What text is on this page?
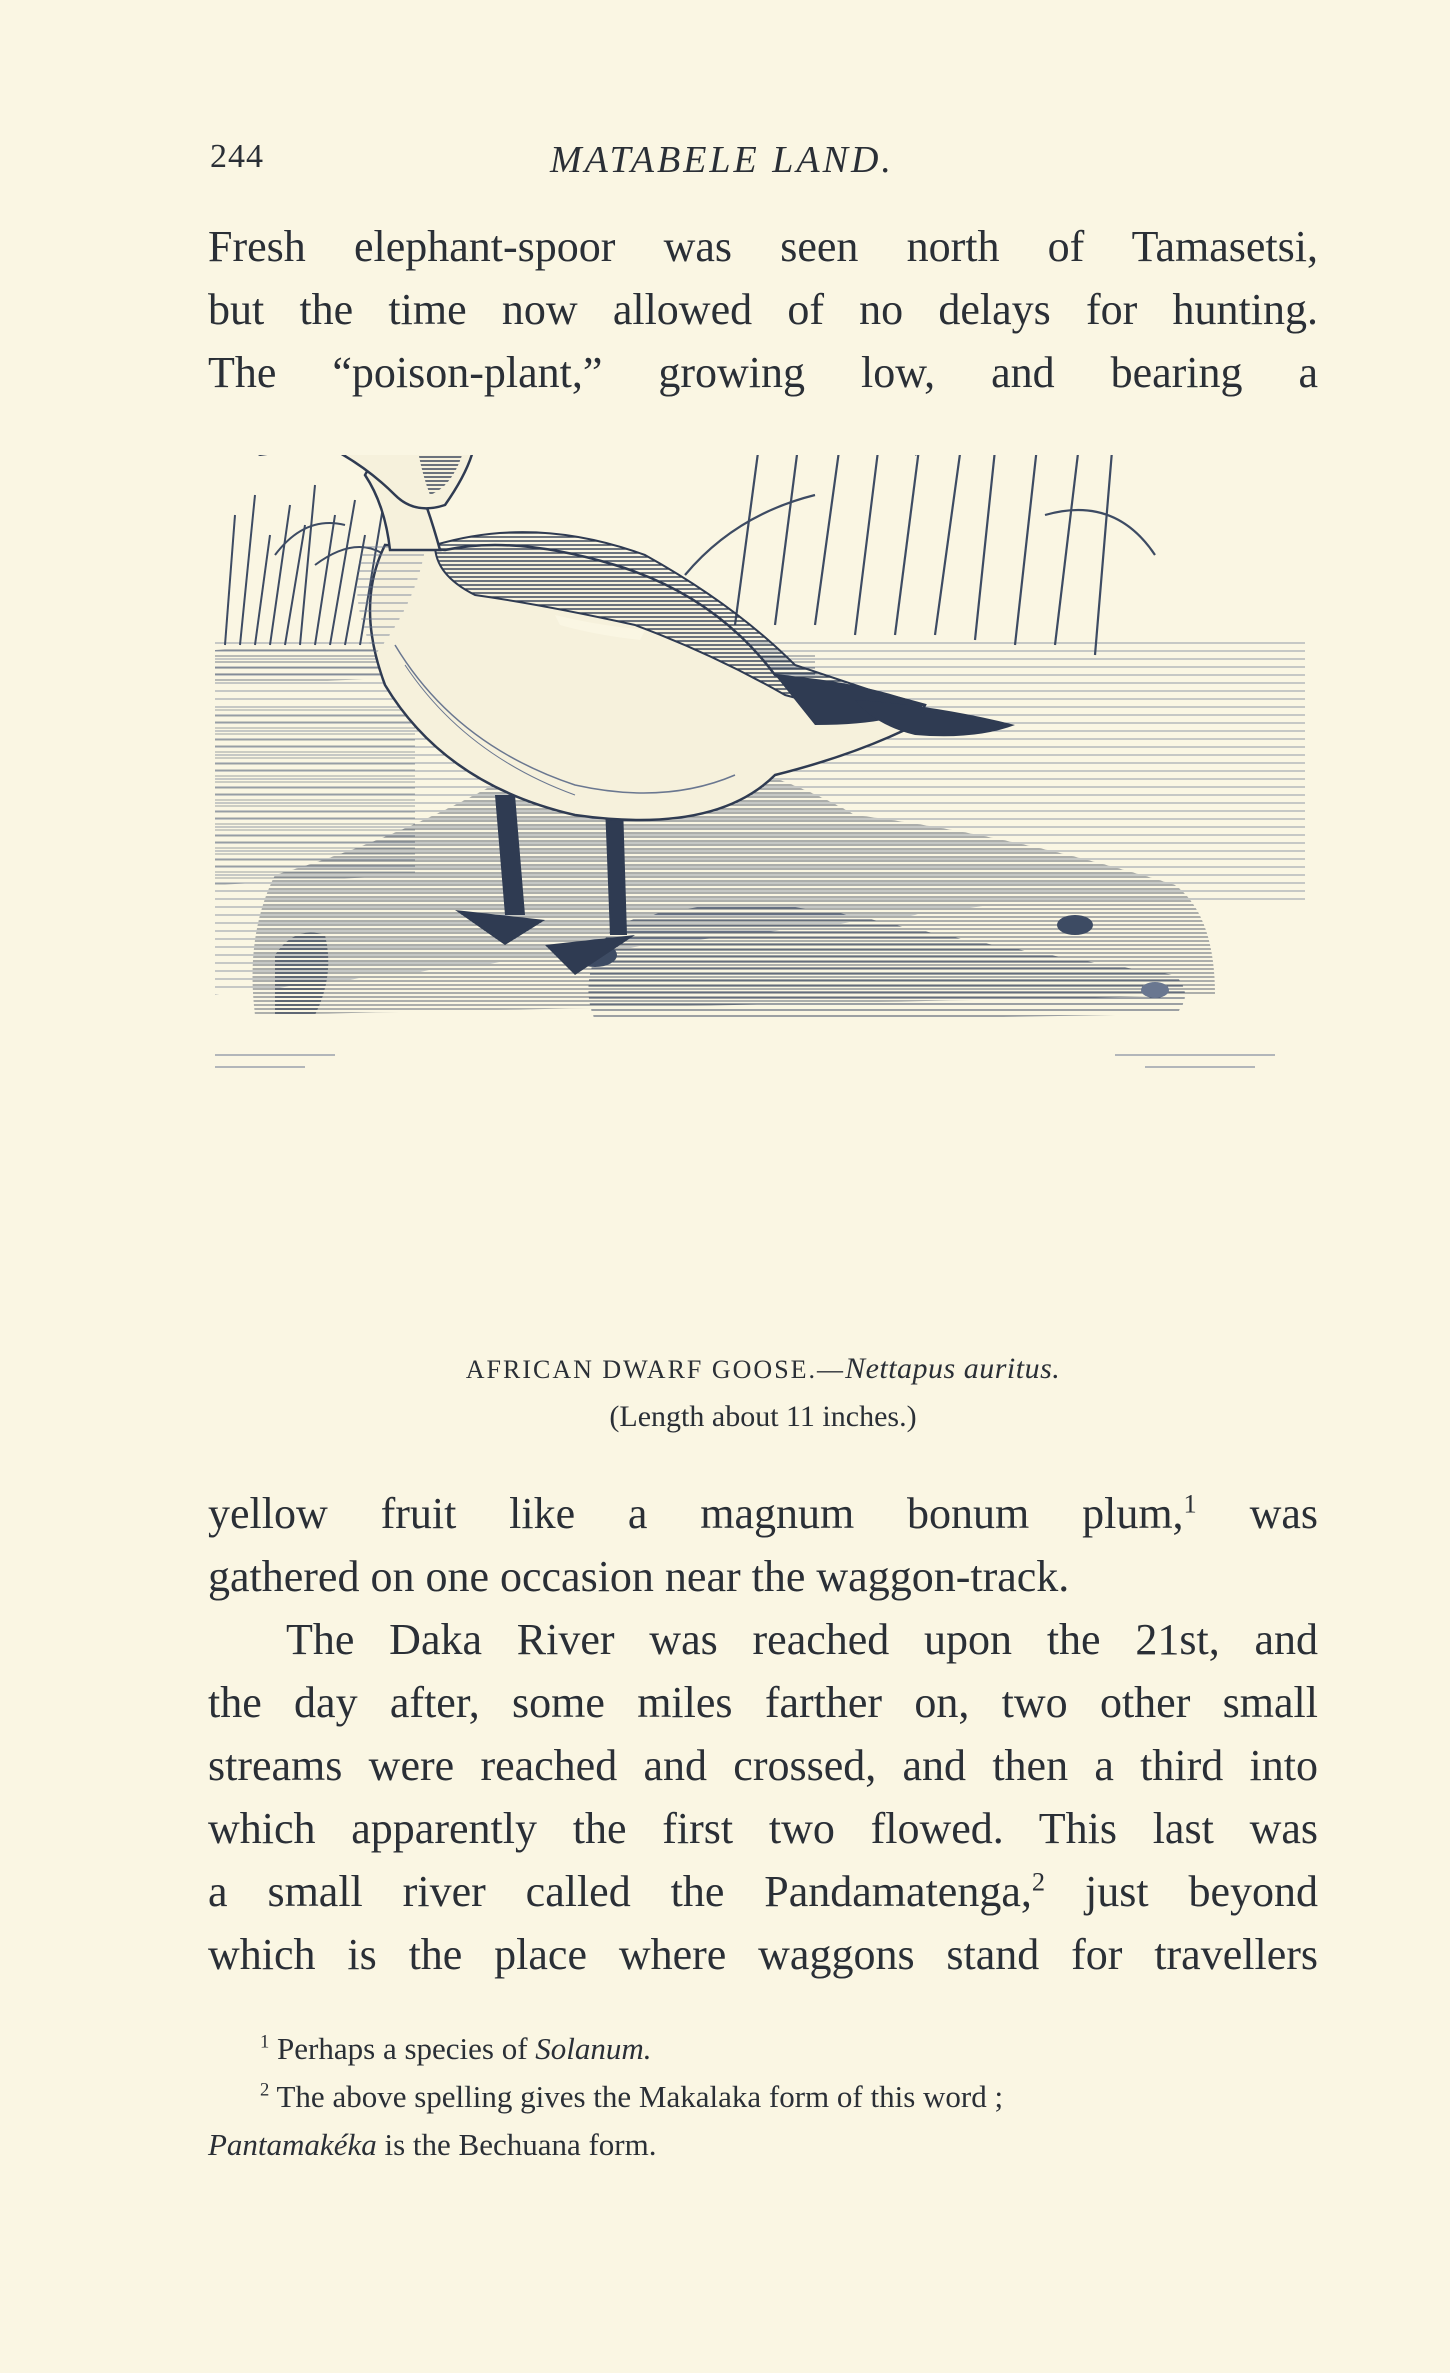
244	MATABELE LAND.
Fresh elephant-spoor was seen north of Tamasetsi,
but the time now allowed of no delays for hunting.
The “poison-plant,” growing low, and bearing a
AFRICAN DWARF GOOSE.—Nettapus auritus.
(Length about 11 inches.)
yellow fruit like a magnum bonum plum,$^1$ was
gathered on one occasion near the waggon-track.
The Daka River was reached upon the 21st, and
the day after, some miles farther on, two other small
streams were reached and crossed, and then a third into
which apparently the first two flowed. This last was
a small river called the Pandamatenga,$^2$ just beyond
which is the place where waggons stand for travellers
$^1$ Perhaps a species of Solanum.
$^2$ The above spelling gives the Makalaka form of this word ;
Pantamakéka is the Bechuana form.
